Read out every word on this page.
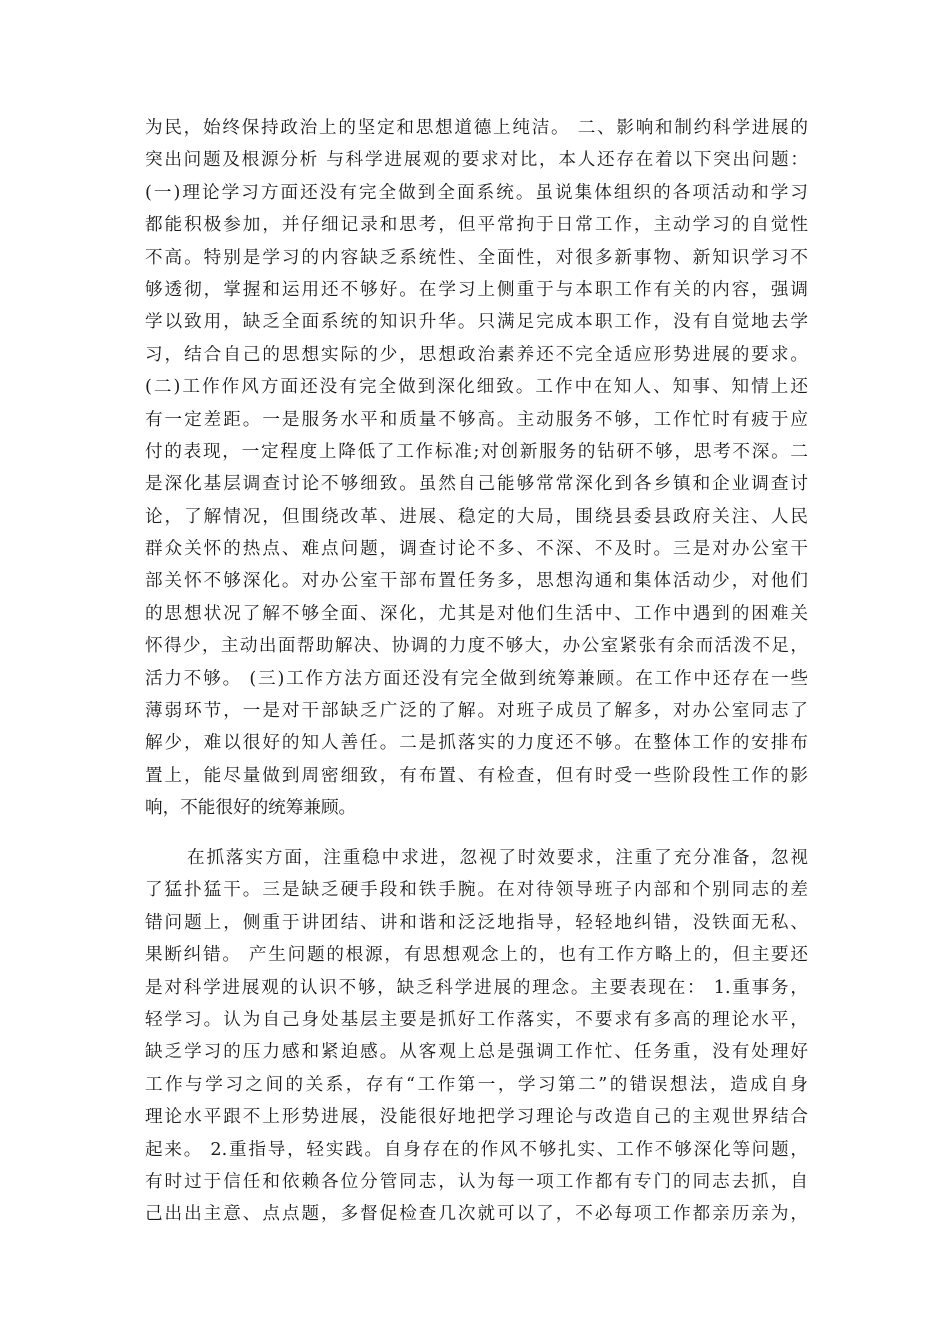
为民，始终保持政治上的坚定和思想道德上纯洁。 二、影响和制约科学进展的
突出问题及根源分析 与科学进展观的要求对比，本人还存在着以下突出问题：
(一)理论学习方面还没有完全做到全面系统。虽说集体组织的各项活动和学习
都能积极参加，并仔细记录和思考，但平常拘于日常工作，主动学习的自觉性
不高。特别是学习的内容缺乏系统性、全面性，对很多新事物、新知识学习不
够透彻，掌握和运用还不够好。在学习上侧重于与本职工作有关的内容，强调
学以致用，缺乏全面系统的知识升华。只满足完成本职工作，没有自觉地去学
习，结合自己的思想实际的少，思想政治素养还不完全适应形势进展的要求。
(二)工作作风方面还没有完全做到深化细致。工作中在知人、知事、知情上还
有一定差距。一是服务水平和质量不够高。主动服务不够，工作忙时有疲于应
付的表现，一定程度上降低了工作标准;对创新服务的钻研不够，思考不深。二
是深化基层调查讨论不够细致。虽然自己能够常常深化到各乡镇和企业调查讨
论，了解情况，但围绕改革、进展、稳定的大局，围绕县委县政府关注、人民
群众关怀的热点、难点问题，调查讨论不多、不深、不及时。三是对办公室干
部关怀不够深化。对办公室干部布置任务多，思想沟通和集体活动少，对他们
的思想状况了解不够全面、深化，尤其是对他们生活中、工作中遇到的困难关
怀得少，主动出面帮助解决、协调的力度不够大，办公室紧张有余而活泼不足，
活力不够。 (三)工作方法方面还没有完全做到统筹兼顾。在工作中还存在一些
薄弱环节，一是对干部缺乏广泛的了解。对班子成员了解多，对办公室同志了
解少，难以很好的知人善任。二是抓落实的力度还不够。在整体工作的安排布
置上，能尽量做到周密细致，有布置、有检查，但有时受一些阶段性工作的影
响，不能很好的统筹兼顾。
在抓落实方面，注重稳中求进，忽视了时效要求，注重了充分准备，忽视
了猛扑猛干。三是缺乏硬手段和铁手腕。在对待领导班子内部和个别同志的差
错问题上，侧重于讲团结、讲和谐和泛泛地指导，轻轻地纠错，没铁面无私、
果断纠错。 产生问题的根源，有思想观念上的，也有工作方略上的，但主要还
是对科学进展观的认识不够，缺乏科学进展的理念。主要表现在： 1.重事务，
轻学习。认为自己身处基层主要是抓好工作落实，不要求有多高的理论水平，
缺乏学习的压力感和紧迫感。从客观上总是强调工作忙、任务重，没有处理好
工作与学习之间的关系，存有“工作第一，学习第二”的错误想法，造成自身
理论水平跟不上形势进展，没能很好地把学习理论与改造自己的主观世界结合
起来。 2.重指导，轻实践。自身存在的作风不够扎实、工作不够深化等问题，
有时过于信任和依赖各位分管同志，认为每一项工作都有专门的同志去抓，自
己出出主意、点点题，多督促检查几次就可以了，不必每项工作都亲历亲为，
